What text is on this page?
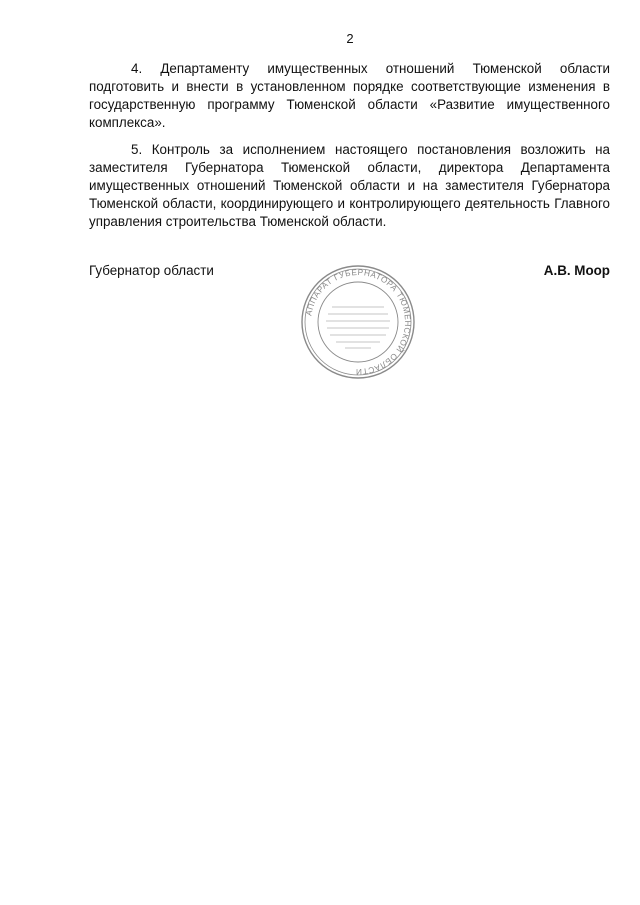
2

4. Департаменту имущественных отношений Тюменской области подготовить и внести в установленном порядке соответствующие изменения в государственную программу Тюменской области «Развитие имущественного комплекса».

5. Контроль за исполнением настоящего постановления возложить на заместителя Губернатора Тюменской области, директора Департамента имущественных отношений Тюменской области и на заместителя Губернатора Тюменской области, координирующего и контролирующего деятельность Главного управления строительства Тюменской области.

Губернатор области	А.В. Моор
АППАРАТ ГУБЕРНАТОРА ТЮМЕНСКОЙ ОБЛАСТИ
